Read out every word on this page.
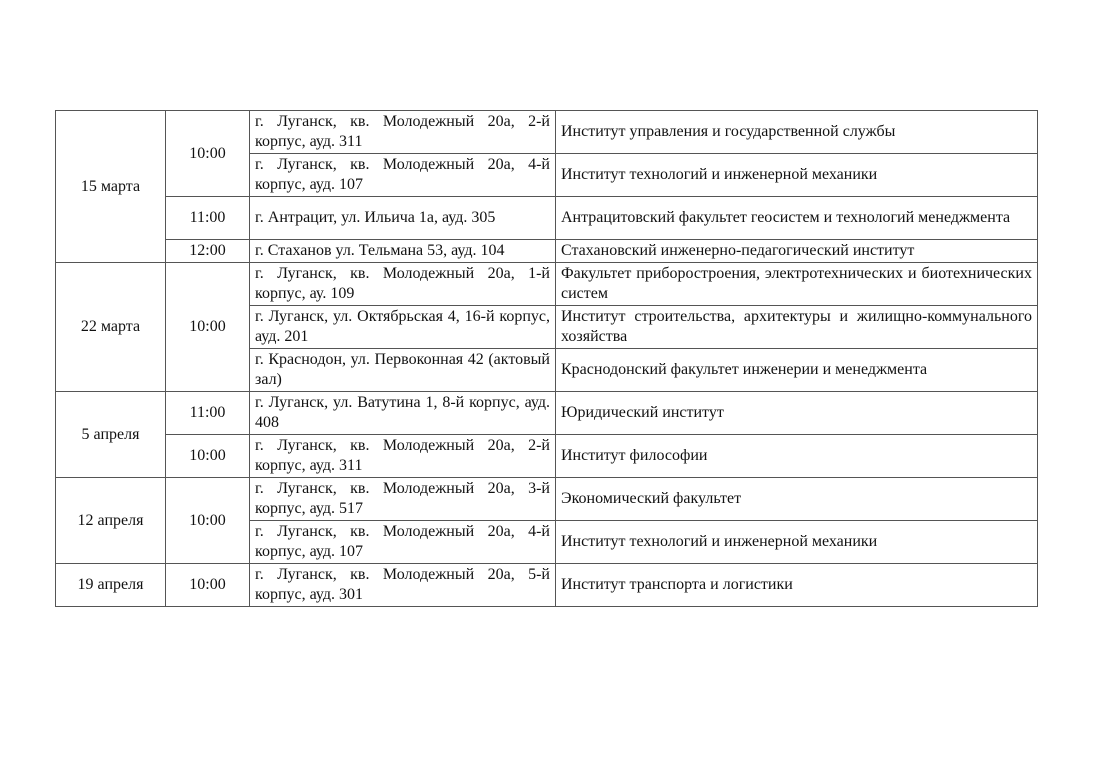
15 марта	10:00	г. Луганск, кв. Молодежный 20а, 2-й корпус, ауд. 311	Институт управления и государственной службы
		г. Луганск, кв. Молодежный 20а, 4-й корпус, ауд. 107	Институт технологий и инженерной механики
	11:00	г. Антрацит, ул. Ильича 1а, ауд. 305	Антрацитовский факультет геосистем и технологий менеджмента
	12:00	г. Стаханов ул. Тельмана 53, ауд. 104	Стахановский инженерно-педагогический институт
22 марта	10:00	г. Луганск, кв. Молодежный 20а, 1-й корпус, ау. 109	Факультет приборостроения, электротехнических и биотехнических систем
		г. Луганск, ул. Октябрьская 4, 16-й корпус, ауд. 201	Институт строительства, архитектуры и жилищно-коммунального хозяйства
		г. Краснодон, ул. Первоконная 42 (актовый зал)	Краснодонский факультет инженерии и менеджмента
5 апреля	11:00	г. Луганск, ул. Ватутина 1, 8-й корпус, ауд. 408	Юридический институт
	10:00	г. Луганск, кв. Молодежный 20а, 2-й корпус, ауд. 311	Институт философии
12 апреля	10:00	г. Луганск, кв. Молодежный 20а, 3-й корпус, ауд. 517	Экономический факультет
		г. Луганск, кв. Молодежный 20а, 4-й корпус, ауд. 107	Институт технологий и инженерной механики
19 апреля	10:00	г. Луганск, кв. Молодежный 20а, 5-й корпус, ауд. 301	Институт транспорта и логистики
